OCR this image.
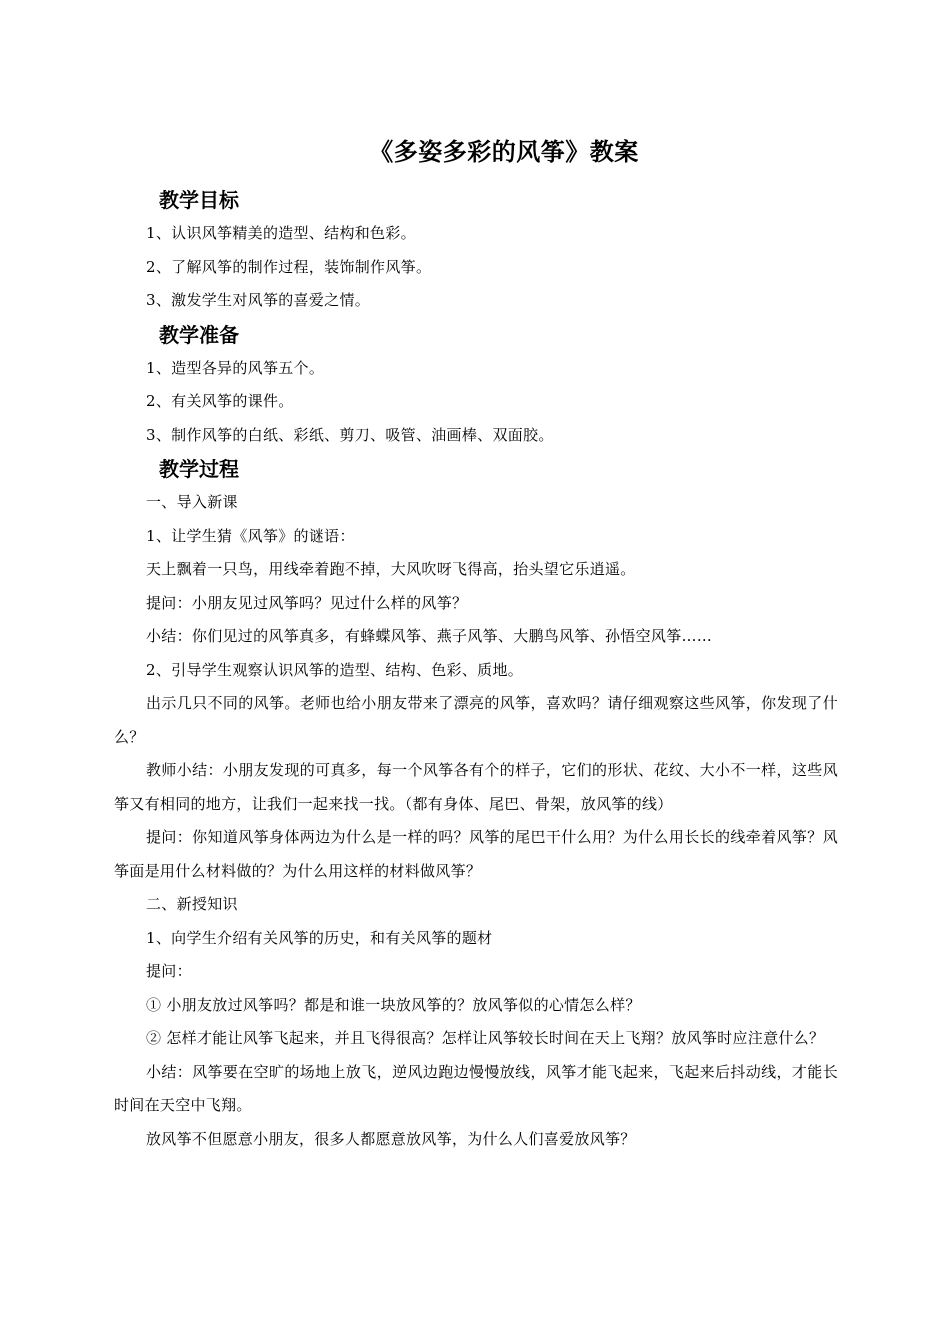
《多姿多彩的风筝》教案
教学目标

1、认识风筝精美的造型、结构和色彩。

2、了解风筝的制作过程，装饰制作风筝。

3、激发学生对风筝的喜爱之情。

教学准备

1、造型各异的风筝五个。

2、有关风筝的课件。

3、制作风筝的白纸、彩纸、剪刀、吸管、油画棒、双面胶。

教学过程

一、导入新课

1、让学生猜《风筝》的谜语：

天上飘着一只鸟，用线牵着跑不掉，大风吹呀飞得高，抬头望它乐逍遥。

提问：小朋友见过风筝吗？见过什么样的风筝？

小结：你们见过的风筝真多，有蜂蝶风筝、燕子风筝、大鹏鸟风筝、孙悟空风筝……

2、引导学生观察认识风筝的造型、结构、色彩、质地。

出示几只不同的风筝。老师也给小朋友带来了漂亮的风筝，喜欢吗？请仔细观察这些风筝，你发现了什么？

教师小结：小朋友发现的可真多，每一个风筝各有个的样子，它们的形状、花纹、大小不一样，这些风筝又有相同的地方，让我们一起来找一找。（都有身体、尾巴、骨架，放风筝的线）

提问：你知道风筝身体两边为什么是一样的吗？风筝的尾巴干什么用？为什么用长长的线牵着风筝？风筝面是用什么材料做的？为什么用这样的材料做风筝？

二、新授知识

1、向学生介绍有关风筝的历史，和有关风筝的题材

提问：

① 小朋友放过风筝吗？都是和谁一块放风筝的？放风筝似的心情怎么样？

② 怎样才能让风筝飞起来，并且飞得很高？怎样让风筝较长时间在天上飞翔？放风筝时应注意什么？

小结：风筝要在空旷的场地上放飞，逆风边跑边慢慢放线，风筝才能飞起来，飞起来后抖动线，才能长时间在天空中飞翔。

放风筝不但愿意小朋友，很多人都愿意放风筝，为什么人们喜爱放风筝？
